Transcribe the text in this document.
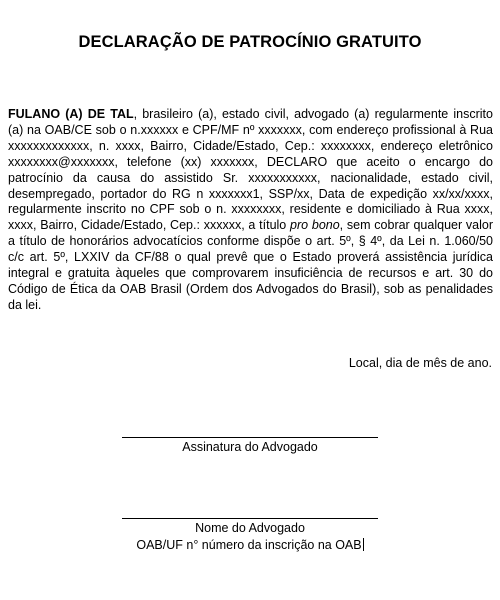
DECLARAÇÃO DE PATROCÍNIO GRATUITO
FULANO (A) DE TAL, brasileiro (a), estado civil, advogado (a) regularmente inscrito (a) na OAB/CE sob o n.xxxxxx e CPF/MF nº xxxxxxx, com endereço profissional à Rua xxxxxxxxxxxxx, n. xxxx, Bairro, Cidade/Estado, Cep.: xxxxxxxx, endereço eletrônico xxxxxxxx@xxxxxxx, telefone (xx) xxxxxxx, DECLARO que aceito o encargo do patrocínio da causa do assistido Sr. xxxxxxxxxxx, nacionalidade, estado civil, desempregado, portador do RG n xxxxxxx1, SSP/xx, Data de expedição xx/xx/xxxx, regularmente inscrito no CPF sob o n. xxxxxxxx, residente e domiciliado à Rua xxxx, xxxx, Bairro, Cidade/Estado, Cep.: xxxxxx, a título pro bono, sem cobrar qualquer valor a título de honorários advocatícios conforme dispõe o art. 5º, § 4º, da Lei n. 1.060/50 c/c art. 5º, LXXIV da CF/88 o qual prevê que o Estado proverá assistência jurídica integral e gratuita àqueles que comprovarem insuficiência de recursos e art. 30 do Código de Ética da OAB Brasil (Ordem dos Advogados do Brasil), sob as penalidades da lei.
Local, dia de mês de ano.
Assinatura do Advogado
Nome do Advogado
OAB/UF n° número da inscrição na OAB
